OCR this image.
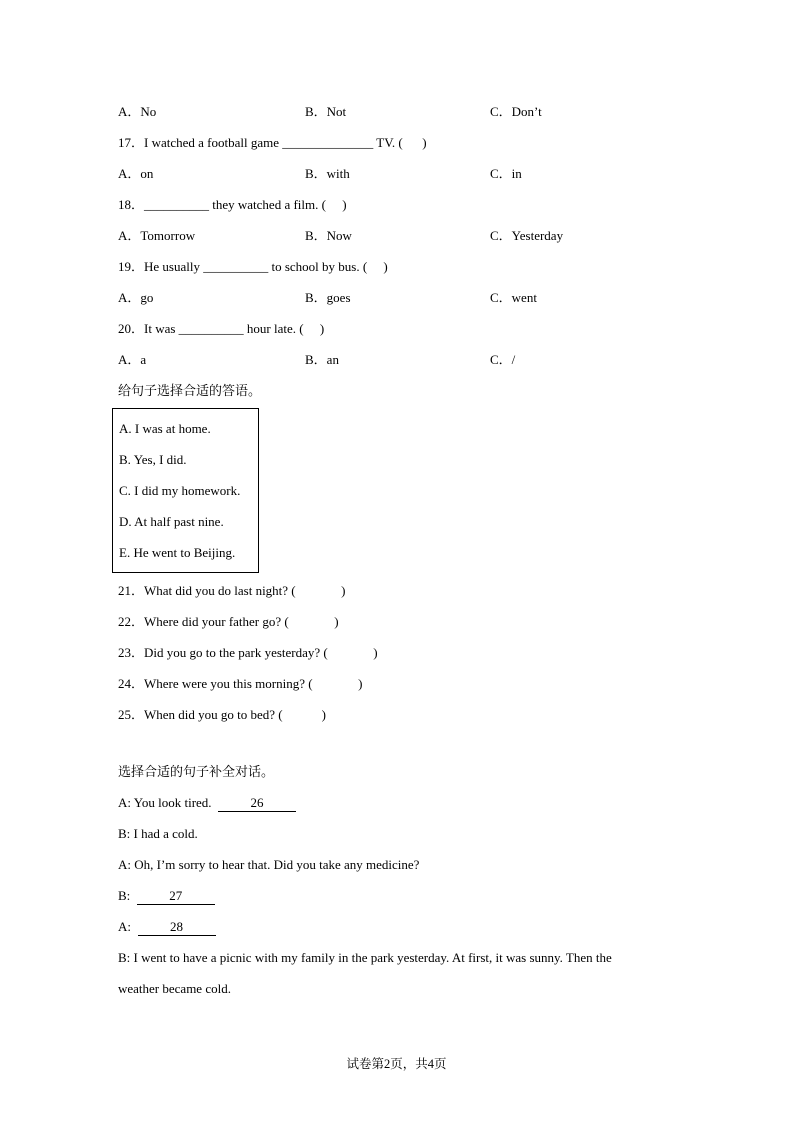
A．No	B．Not	C．Don’t
17．I watched a football game ______________ TV. (      )
A．on	B．with	C．in
18．__________ they watched a film. (     )
A．Tomorrow	B．Now	C．Yesterday
19．He usually __________ to school by bus. (     )
A．go	B．goes	C．went
20．It was __________ hour late. (     )
A．a	B．an	C．/
给句子选择合适的答语。
A. I was at home.
B. Yes, I did.
C. I did my homework.
D. At half past nine.
E. He went to Beijing.
21．What did you do last night? (              )
22．Where did your father go? (              )
23．Did you go to the park yesterday? (              )
24．Where were you this morning? (              )
25．When did you go to bed? (            )
选择合适的句子补全对话。
A: You look tired.	26
B: I had a cold.
A: Oh, I’m sorry to hear that. Did you take any medicine?
B:	27
A:	28
B: I went to have a picnic with my family in the park yesterday. At first, it was sunny. Then the
weather became cold.
试卷第2页，共4页
